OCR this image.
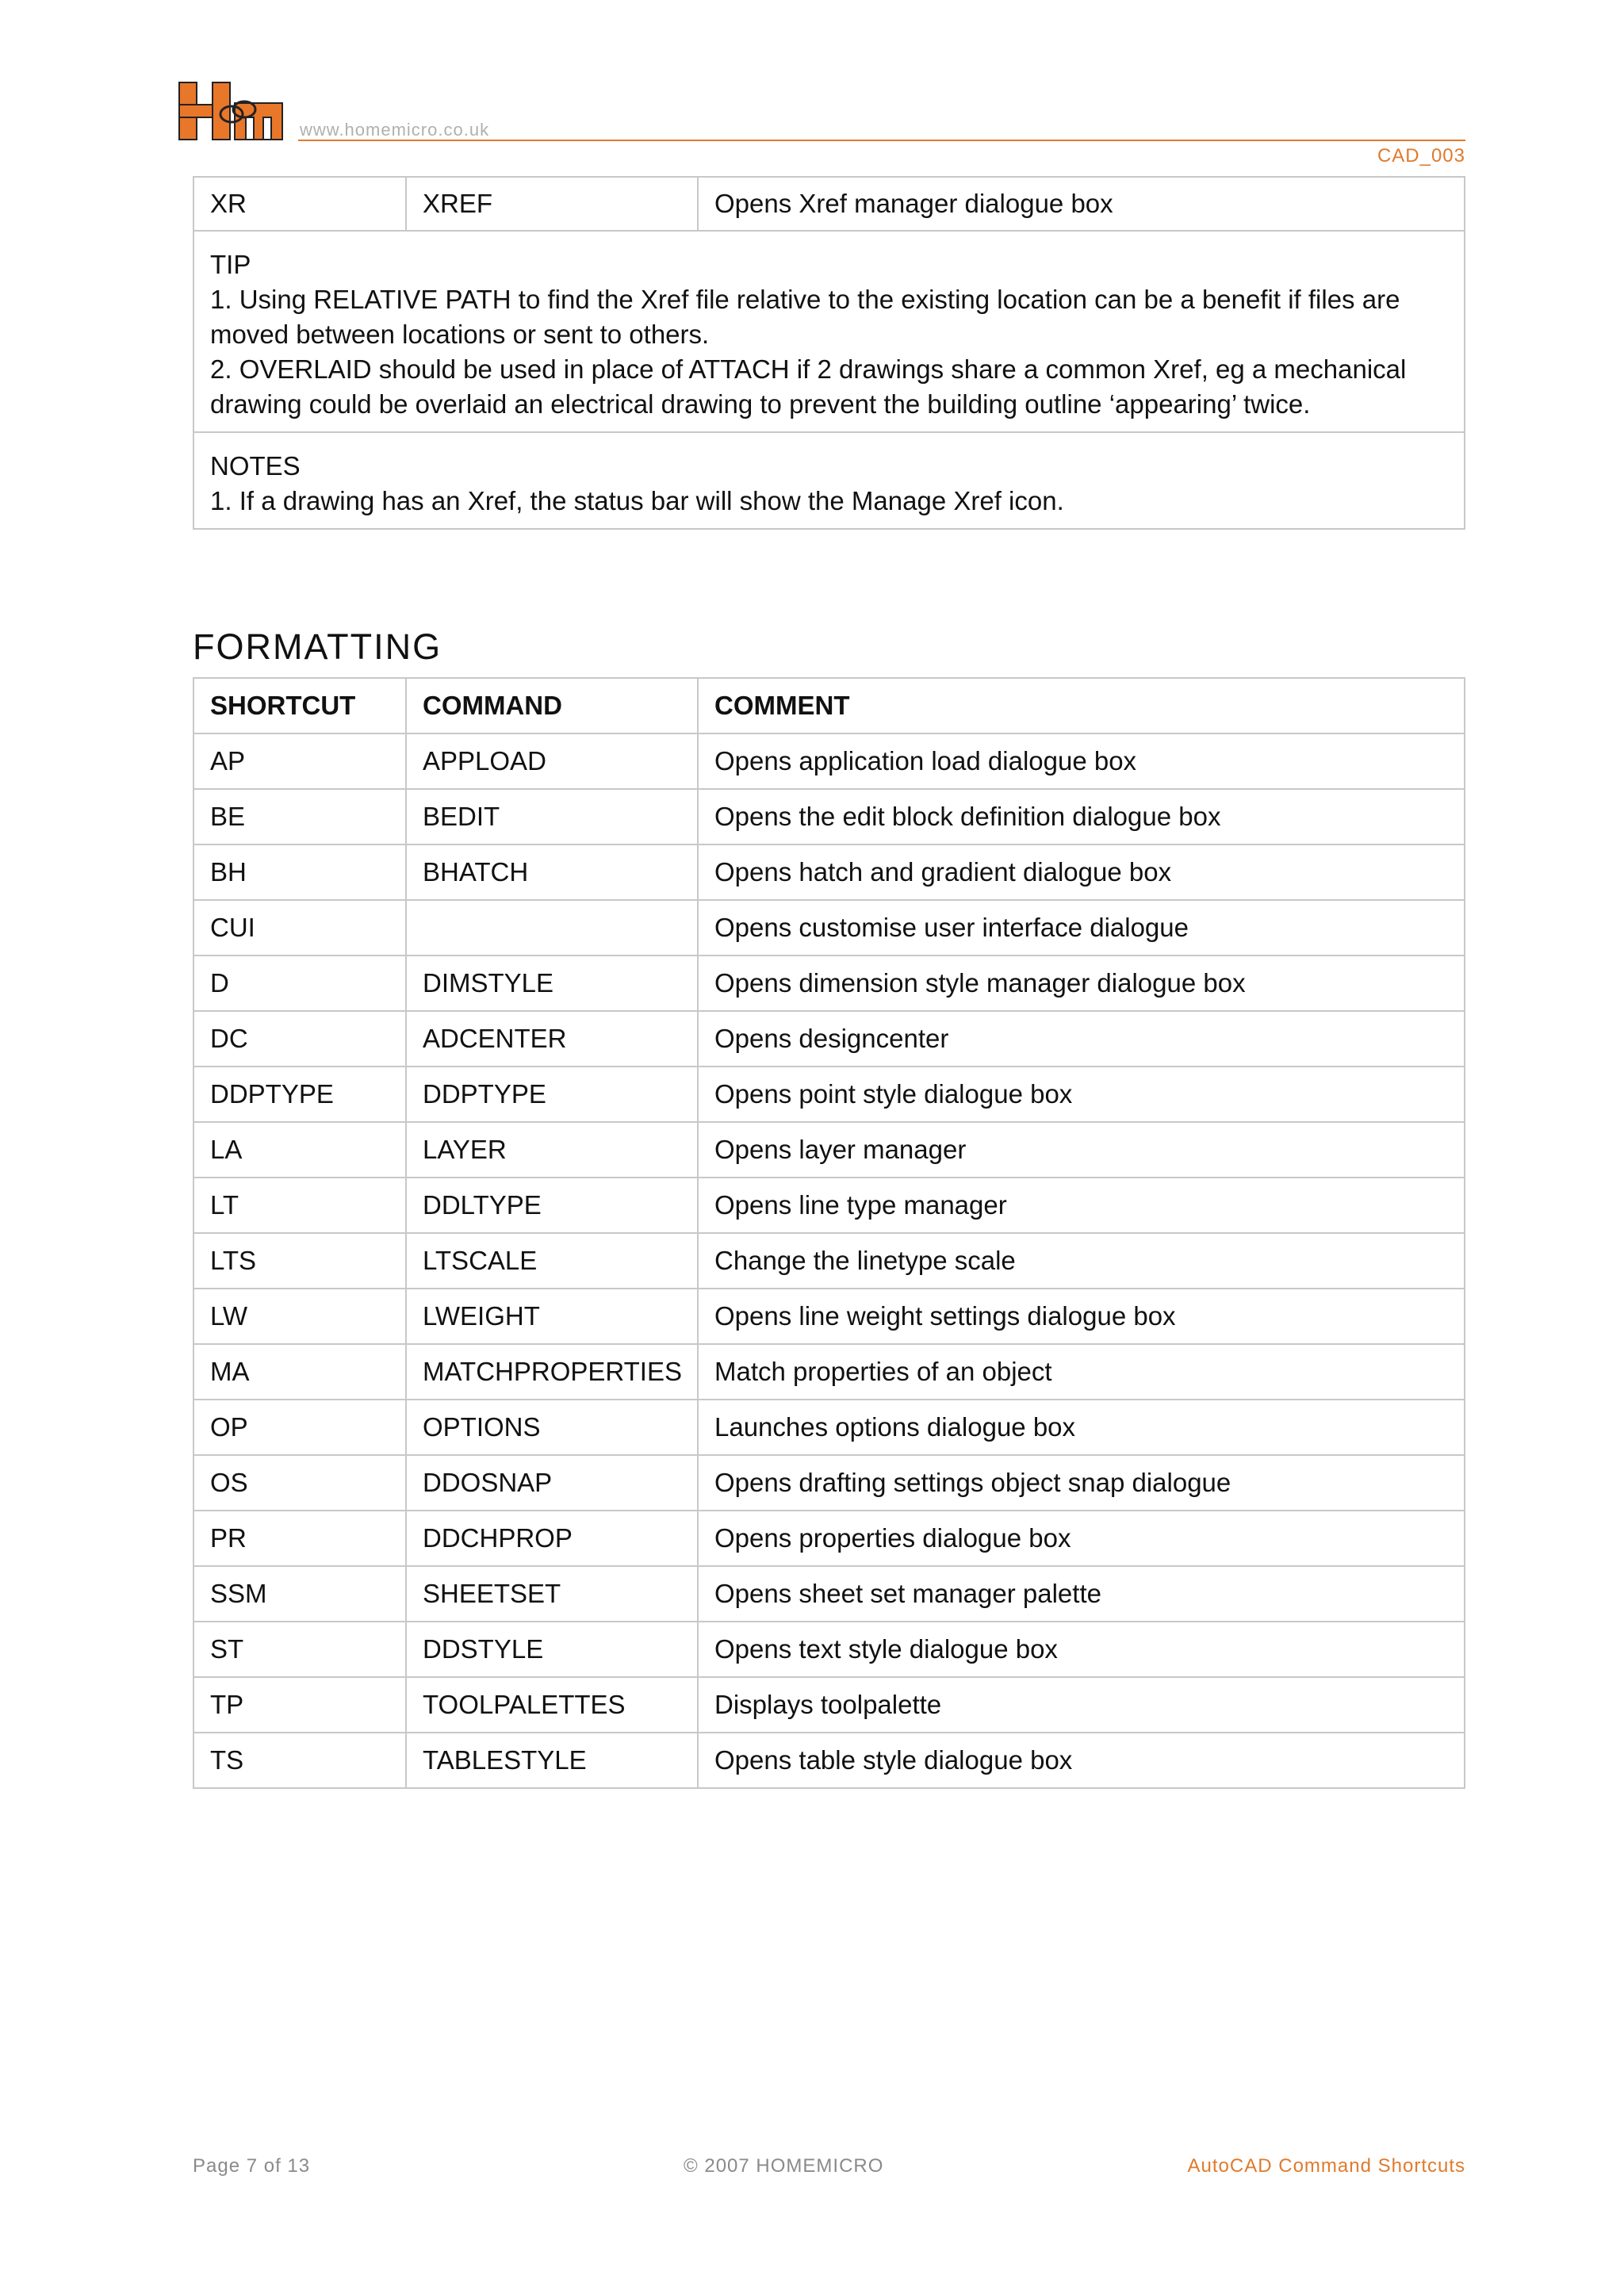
www.homemicro.co.uk
CAD_003
XR	XREF	Opens Xref manager dialogue box

TIP
1. Using RELATIVE PATH to find the Xref file relative to the existing location can be a benefit if files are moved between locations or sent to others.
2. OVERLAID should be used in place of ATTACH if 2 drawings share a common Xref, eg a mechanical drawing could be overlaid an electrical drawing to prevent the building outline ‘appearing’ twice.

NOTES
1. If a drawing has an Xref, the status bar will show the Manage Xref icon.
FORMATTING
SHORTCUT	COMMAND	COMMENT
AP	APPLOAD	Opens application load dialogue box
BE	BEDIT	Opens the edit block definition dialogue box
BH	BHATCH	Opens hatch and gradient dialogue box
CUI		Opens customise user interface dialogue
D	DIMSTYLE	Opens dimension style manager dialogue box
DC	ADCENTER	Opens designcenter
DDPTYPE	DDPTYPE	Opens point style dialogue box
LA	LAYER	Opens layer manager
LT	DDLTYPE	Opens line type manager
LTS	LTSCALE	Change the linetype scale
LW	LWEIGHT	Opens line weight settings dialogue box
MA	MATCHPROPERTIES	Match properties of an object
OP	OPTIONS	Launches options dialogue box
OS	DDOSNAP	Opens drafting settings object snap dialogue
PR	DDCHPROP	Opens properties dialogue box
SSM	SHEETSET	Opens sheet set manager palette
ST	DDSTYLE	Opens text style dialogue box
TP	TOOLPALETTES	Displays toolpalette
TS	TABLESTYLE	Opens table style dialogue box
Page 7 of 13	© 2007 HOMEMICRO	AutoCAD Command Shortcuts
